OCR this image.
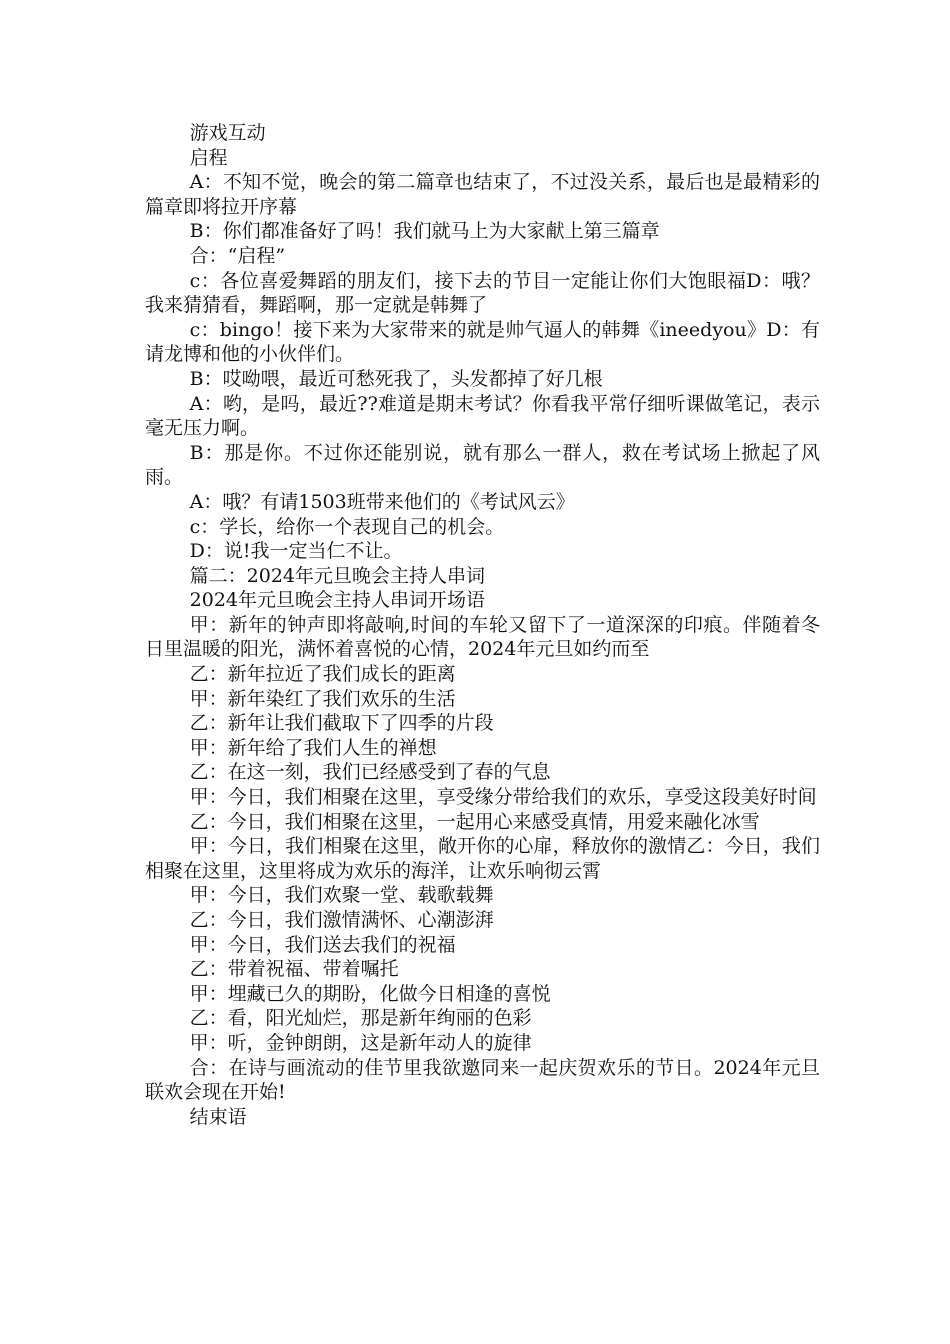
游戏互动

启程

A：不知不觉，晚会的第二篇章也结束了，不过没关系，最后也是最精彩的篇章即将拉开序幕

B：你们都准备好了吗！我们就马上为大家献上第三篇章

合：“启程”

c：各位喜爱舞蹈的朋友们，接下去的节目一定能让你们大饱眼福D：哦？我来猜猜看，舞蹈啊，那一定就是韩舞了

c：bingo！接下来为大家带来的就是帅气逼人的韩舞《ineedyou》D：有请龙博和他的小伙伴们。

B：哎呦喂，最近可愁死我了，头发都掉了好几根

A：哟，是吗，最近??难道是期末考试？你看我平常仔细听课做笔记，表示毫无压力啊。

B：那是你。不过你还能别说，就有那么一群人，救在考试场上掀起了风雨。

A：哦？有请1503班带来他们的《考试风云》

c：学长，给你一个表现自己的机会。

D：说!我一定当仁不让。

篇二：2024年元旦晚会主持人串词

2024年元旦晚会主持人串词开场语

甲：新年的钟声即将敲响,时间的车轮又留下了一道深深的印痕。伴随着冬日里温暖的阳光，满怀着喜悦的心情，2024年元旦如约而至

乙：新年拉近了我们成长的距离

甲：新年染红了我们欢乐的生活

乙：新年让我们截取下了四季的片段

甲：新年给了我们人生的禅想

乙：在这一刻，我们已经感受到了春的气息

甲：今日，我们相聚在这里，享受缘分带给我们的欢乐，享受这段美好时间

乙：今日，我们相聚在这里，一起用心来感受真情，用爱来融化冰雪

甲：今日，我们相聚在这里，敞开你的心扉，释放你的激情乙：今日，我们相聚在这里，这里将成为欢乐的海洋，让欢乐响彻云霄

甲：今日，我们欢聚一堂、载歌载舞

乙：今日，我们激情满怀、心潮澎湃

甲：今日，我们送去我们的祝福

乙：带着祝福、带着嘱托

甲：埋藏已久的期盼，化做今日相逢的喜悦

乙：看，阳光灿烂，那是新年绚丽的色彩

甲：听，金钟朗朗，这是新年动人的旋律

合：在诗与画流动的佳节里我欲邀同来一起庆贺欢乐的节日。2024年元旦联欢会现在开始!

结束语
